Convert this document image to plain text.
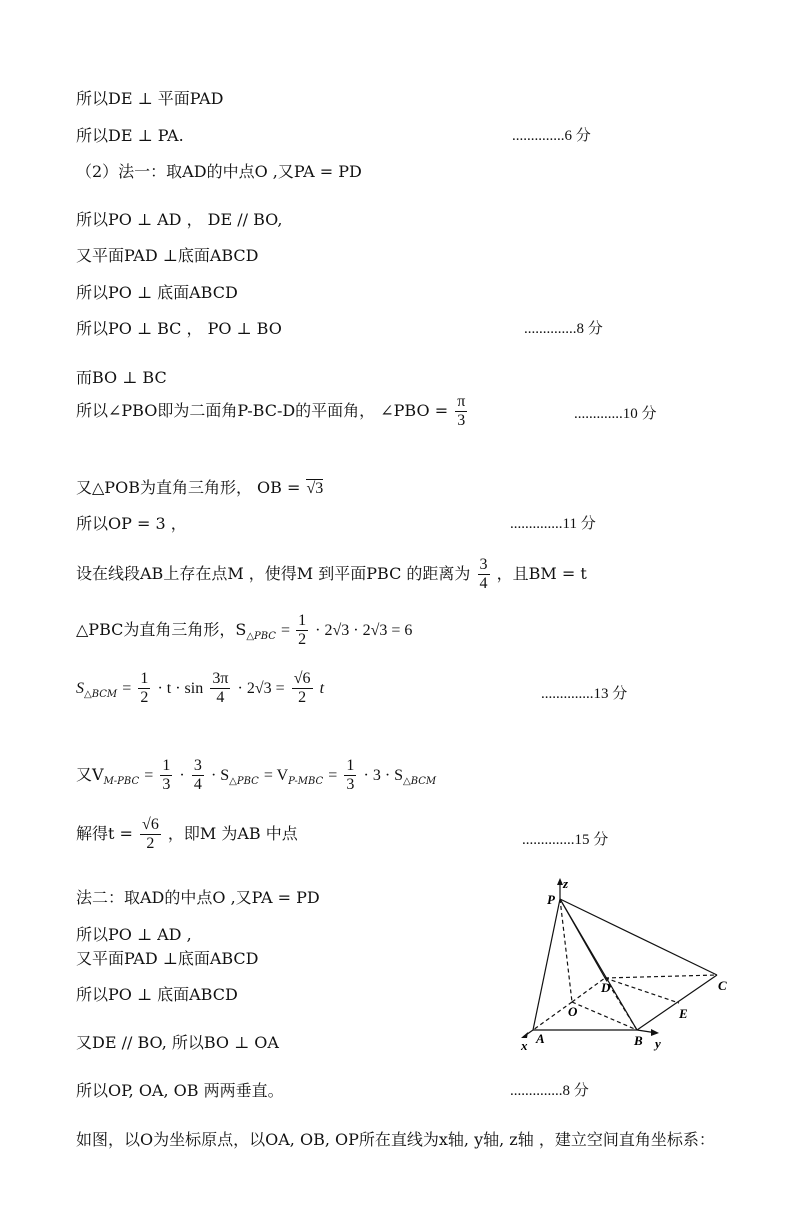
所以DE ⊥ 平面PAD
所以DE ⊥ PA.	..............6 分
（2）法一：取AD的中点O ,又PA = PD
所以PO ⊥ AD ， DE // BO,
又平面PAD ⊥底面ABCD
所以PO ⊥ 底面ABCD
所以PO ⊥ BC ， PO ⊥ BO	..............8 分
而BO ⊥ BC
所以∠PBO即为二面角P-BC-D的平面角， ∠PBO = $\frac{\pi}{3}$	.............10 分
又△POB为直角三角形， OB = √3
所以OP = 3 ，	..............11 分
设在线段AB上存在点M ，使得M 到平面PBC 的距离为 $\frac{3}{4}$ ，且BM = t
△PBC为直角三角形，$S_{\triangle PBC} = \frac{1}{2} \cdot 2√3 \cdot 2√3 = 6$
$S_{\triangle BCM} = \frac{1}{2} \cdot t \cdot \sin \frac{3\pi}{4} \cdot 2√3 = \frac{√6}{2}$ t	..............13 分
又$V_{M-PBC} = \frac{1}{3} \cdot \frac{3}{4} \cdot S_{\triangle PBC} = V_{P-MBC} = \frac{1}{3} \cdot 3 \cdot S_{\triangle BCM}$
解得$t = \frac{√6}{2}$ ，即M 为AB 中点	..............15 分
法二：取AD的中点O ,又PA = PD
所以PO ⊥ AD ,
又平面PAD ⊥底面ABCD
所以PO ⊥ 底面ABCD
又DE // BO, 所以BO ⊥ OA
所以OP, OA, OB 两两垂直。	..............8 分
如图，以O为坐标原点，以OA, OB, OP所在直线为x轴, y轴, z轴 ，建立空间直角坐标系：
P
z
C
D
O	E
A
x	B y
